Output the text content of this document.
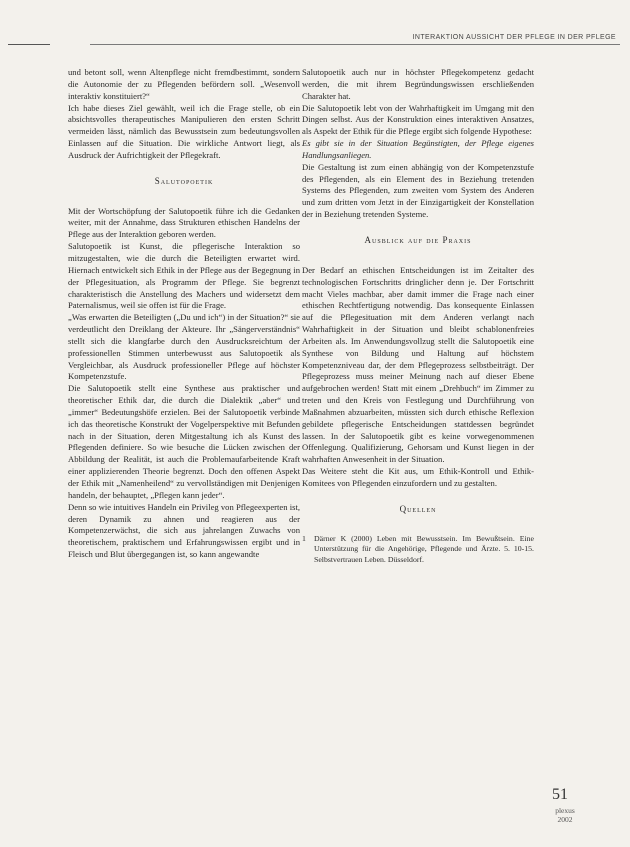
INTERAKTION AUSSICHT DER PFLEGE IN DER PFLEGE

und betont soll, wenn Altenpflege nicht fremdbestimmt, sondern die Autonomie der zu Pflegenden befördern soll. „Wesenvoll interaktiv konstituiert?“

Ich habe dieses Ziel gewählt, weil ich die Frage stelle, ob ein absichtsvolles therapeutisches Manipulieren den ersten Schritt vermeiden lässt, nämlich das Bewusstsein zum bedeutungsvollen Einlassen auf die Situation. Die wirkliche Antwort liegt, als Ausdruck der Aufrichtigkeit der Pflegekraft.

Salutopoetik

Mit der Wortschöpfung der Salutopoetik führe ich die Gedanken weiter, mit der Annahme, dass Strukturen ethischen Handelns der Pflege aus der Interaktion geboren werden.

Salutopoetik ist Kunst, die pflegerische Interaktion so mitzugestalten, wie die durch die Beteiligten erwartet wird. Hiernach entwickelt sich Ethik in der Pflege aus der Begegnung in der Pflegesituation, als Programm der Pflege. Sie begrenzt charakteristisch die Anstellung des Machers und widersetzt dem Paternalismus, weil sie offen ist für die Frage.

„Was erwarten die Beteiligten („Du und ich“) in der Situation?“ sie verdeutlicht den Dreiklang der Akteure. Ihr „Sängerverständnis“ stellt sich die klangfarbe durch den Ausdrucksreichtum der professionellen Stimmen unterbewusst aus Salutopoetik als Vergleichbar, als Ausdruck professioneller Pflege auf höchster Kompetenzstufe.

Die Salutopoetik stellt eine Synthese aus praktischer und theoretischer Ethik dar, die durch die Dialektik „aber“ und „immer“ Bedeutungshöfe erzielen. Bei der Salutopoetik verbinde ich das theoretische Konstrukt der Vogelperspektive mit Befunden nach in der Situation, deren Mitgestaltung ich als Kunst des Pflegenden definiere. So wie besuche die Lücken zwischen der Abbildung der Realität, ist auch die Problemaufarbeitende Kraft einer applizierenden Theorie begrenzt. Doch den offenen Aspekt der Ethik mit „Namenheilend“ zu vervollständigen mit Denjenigen handeln, der behauptet, „Pflegen kann jeder“.

Denn so wie intuitives Handeln ein Privileg von Pflegeexperten ist, deren Dynamik zu ahnen und reagieren aus der Kompetenzerwächst, die sich aus jahrelangen Zuwachs von theoretischem, praktischem und Erfahrungswissen ergibt und in Fleisch und Blut übergegangen ist, so kann angewandte

Salutopoetik auch nur in höchster Pflegekompetenz gedacht werden, die mit ihrem Begründungswissen erschließenden Charakter hat.

Die Salutopoetik lebt von der Wahrhaftigkeit im Umgang mit den Dingen selbst. Aus der Konstruktion eines interaktiven Ansatzes, als Aspekt der Ethik für die Pflege ergibt sich folgende Hypothese:

Es gibt sie in der Situation Begünstigten, der Pflege eigenes Handlungsanliegen.

Die Gestaltung ist zum einen abhängig von der Kompetenzstufe des Pflegenden, als ein Element des in Beziehung tretenden Systems des Pflegenden, zum zweiten vom System des Anderen und zum dritten vom Jetzt in der Einzigartigkeit der Konstellation der in Beziehung tretenden Systeme.

Ausblick auf die Praxis

Der Bedarf an ethischen Entscheidungen ist im Zeitalter des technologischen Fortschritts dringlicher denn je. Der Fortschritt macht Vieles machbar, aber damit immer die Frage nach einer ethischen Rechtfertigung notwendig. Das konsequente Einlassen auf die Pflegesituation mit dem Anderen verlangt nach Wahrhaftigkeit in der Situation und bleibt schablonenfreies Arbeiten als. Im Anwendungsvollzug stellt die Salutopoetik eine Synthese von Bildung und Haltung auf höchstem Kompetenzniveau dar, der dem Pflegeprozess selbstbeiträgt. Der Pflegeprozess muss meiner Meinung nach auf dieser Ebene aufgebrochen werden! Statt mit einem „Drehbuch“ im Zimmer zu treten und den Kreis von Festlegung und Durchführung von Maßnahmen abzuarbeiten, müssten sich durch ethische Reflexion gebildete pflegerische Entscheidungen stattdessen begründet lassen. In der Salutopoetik gibt es keine vorwegenommenen Offenlegung. Qualifizierung, Gehorsam und Kunst liegen in der wahrhaften Anwesenheit in der Situation.

Das Weitere steht die Kit aus, um Ethik-Kontroll und Ethik-Komitees von Pflegenden einzufordern und zu gestalten.

Quellen
1	Därner K (2000) Leben mit Bewusstsein. Im Bewußtsein. Eine Unterstützung für die Angehörige, Pflegende und Ärzte. 5. 10-15. Selbstvertrauen Leben. Düsseldorf.
51
plexus
2002
